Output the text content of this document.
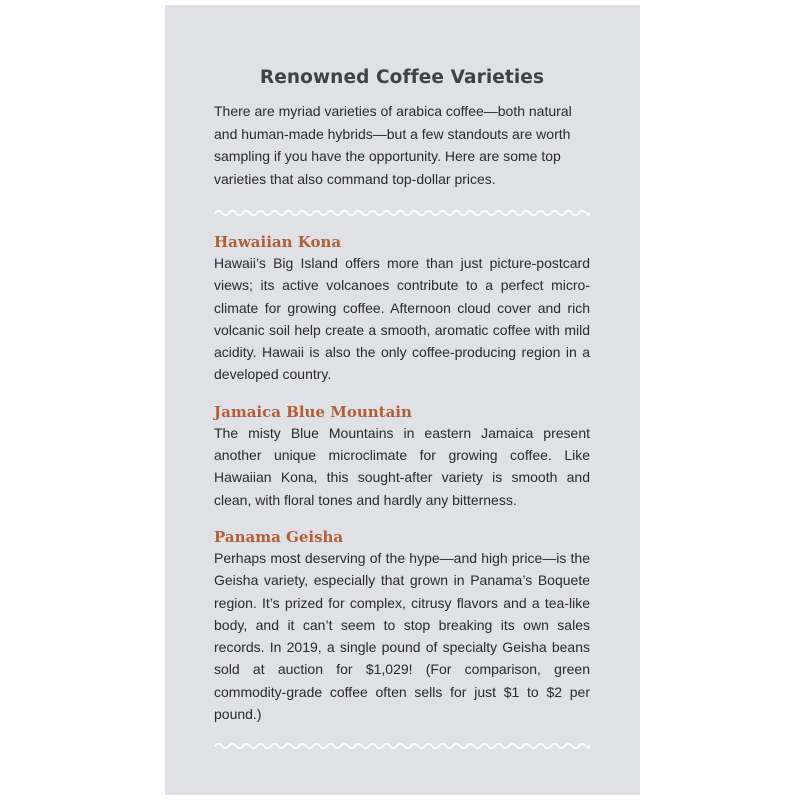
Renowned Coffee Varieties

There are myriad varieties of arabica coffee—both natural and human-made hybrids—but a few standouts are worth sampling if you have the opportunity. Here are some top varieties that also command top-dollar prices.

Hawaiian Kona

Hawaii’s Big Island offers more than just picture-postcard views; its active volcanoes contribute to a perfect micro-climate for growing coffee. Afternoon cloud cover and rich volcanic soil help create a smooth, aromatic coffee with mild acidity. Hawaii is also the only coffee-producing region in a developed country.

Jamaica Blue Mountain

The misty Blue Mountains in eastern Jamaica present another unique microclimate for growing coffee. Like Hawaiian Kona, this sought-after variety is smooth and clean, with floral tones and hardly any bitterness.

Panama Geisha

Perhaps most deserving of the hype—and high price—is the Geisha variety, especially that grown in Panama’s Boquete region. It’s prized for complex, citrusy flavors and a tea-like body, and it can’t seem to stop breaking its own sales records. In 2019, a single pound of specialty Geisha beans sold at auction for $1,029! (For comparison, green commodity-grade coffee often sells for just $1 to $2 per pound.)
